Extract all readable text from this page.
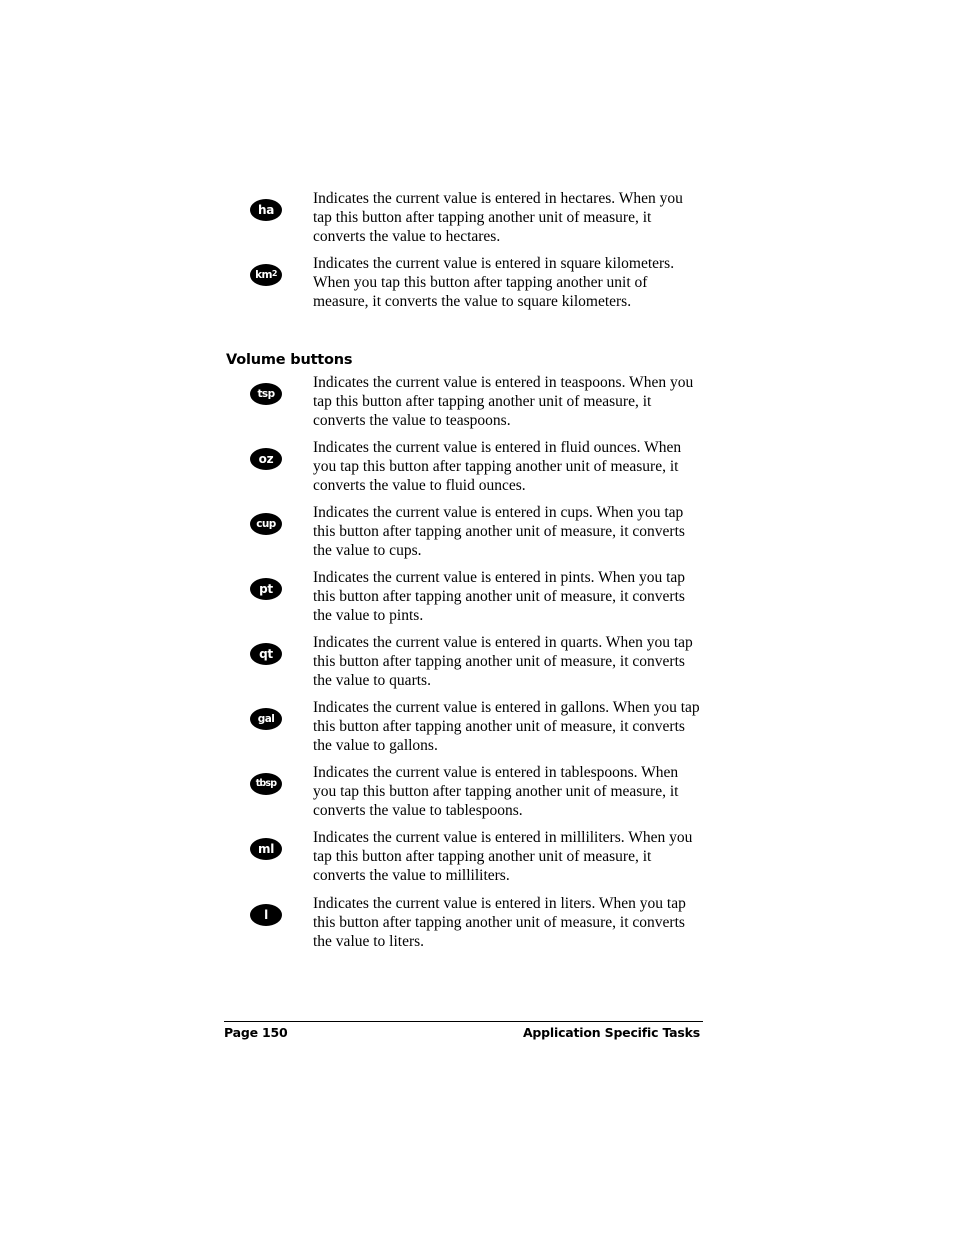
ha
Indicates the current value is entered in hectares. When you tap this button after tapping another unit of measure, it converts the value to hectares.
$km^2$
Indicates the current value is entered in square kilometers. When you tap this button after tapping another unit of measure, it converts the value to square kilometers.
Volume buttons
tsp
Indicates the current value is entered in teaspoons. When you tap this button after tapping another unit of measure, it converts the value to teaspoons.
oz
Indicates the current value is entered in fluid ounces. When you tap this button after tapping another unit of measure, it converts the value to fluid ounces.
cup
Indicates the current value is entered in cups. When you tap this button after tapping another unit of measure, it converts the value to cups.
pt
Indicates the current value is entered in pints. When you tap this button after tapping another unit of measure, it converts the value to pints.
qt
Indicates the current value is entered in quarts. When you tap this button after tapping another unit of measure, it converts the value to quarts.
gal
Indicates the current value is entered in gallons. When you tap this button after tapping another unit of measure, it converts the value to gallons.
tbsp
Indicates the current value is entered in tablespoons. When you tap this button after tapping another unit of measure, it converts the value to tablespoons.
ml
Indicates the current value is entered in milliliters. When you tap this button after tapping another unit of measure, it converts the value to milliliters.
l
Indicates the current value is entered in liters. When you tap this button after tapping another unit of measure, it converts the value to liters.
Page 150	Application Specific Tasks
